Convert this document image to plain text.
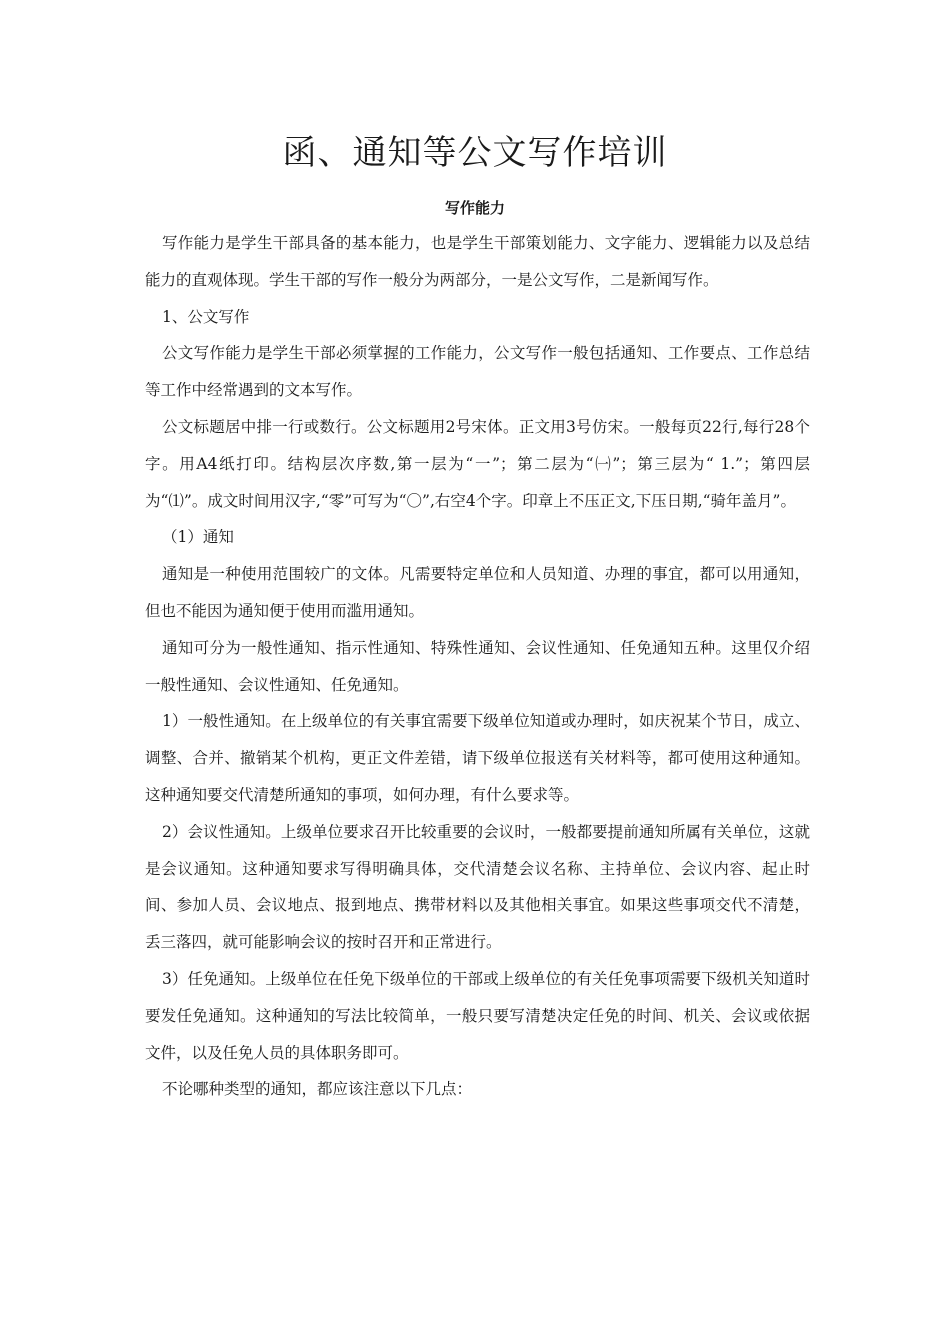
函、通知等公文写作培训
写作能力

写作能力是学生干部具备的基本能力，也是学生干部策划能力、文字能力、逻辑能力以及总结能力的直观体现。学生干部的写作一般分为两部分，一是公文写作，二是新闻写作。

1、公文写作

公文写作能力是学生干部必须掌握的工作能力，公文写作一般包括通知、工作要点、工作总结等工作中经常遇到的文本写作。

公文标题居中排一行或数行。公文标题用2号宋体。正文用3号仿宋。一般每页22行,每行28个字。用A4纸打印。结构层次序数,第一层为“一”；第二层为“㈠”；第三层为“ 1.”；第四层为“⑴”。成文时间用汉字,“零”可写为“〇”,右空4个字。印章上不压正文,下压日期,“骑年盖月”。

（1）通知

通知是一种使用范围较广的文体。凡需要特定单位和人员知道、办理的事宜，都可以用通知，但也不能因为通知便于使用而滥用通知。

通知可分为一般性通知、指示性通知、特殊性通知、会议性通知、任免通知五种。这里仅介绍一般性通知、会议性通知、任免通知。

1）一般性通知。在上级单位的有关事宜需要下级单位知道或办理时，如庆祝某个节日，成立、调整、合并、撤销某个机构，更正文件差错，请下级单位报送有关材料等，都可使用这种通知。这种通知要交代清楚所通知的事项，如何办理，有什么要求等。

2）会议性通知。上级单位要求召开比较重要的会议时，一般都要提前通知所属有关单位，这就是会议通知。这种通知要求写得明确具体，交代清楚会议名称、主持单位、会议内容、起止时间、参加人员、会议地点、报到地点、携带材料以及其他相关事宜。如果这些事项交代不清楚，丢三落四，就可能影响会议的按时召开和正常进行。

3）任免通知。上级单位在任免下级单位的干部或上级单位的有关任免事项需要下级机关知道时要发任免通知。这种通知的写法比较简单，一般只要写清楚决定任免的时间、机关、会议或依据文件，以及任免人员的具体职务即可。

不论哪种类型的通知，都应该注意以下几点：
